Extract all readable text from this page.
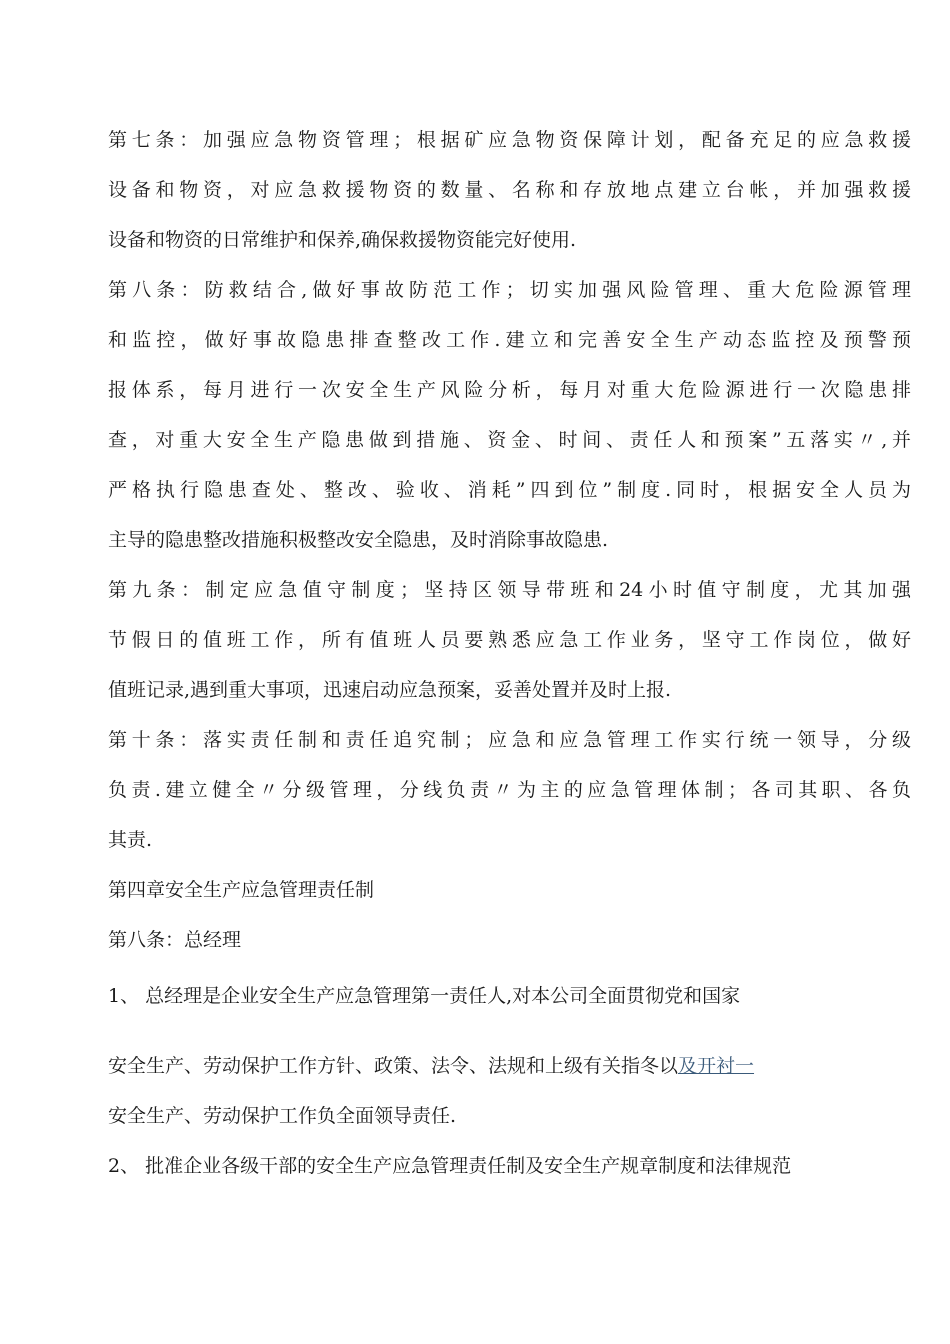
第七条：加强应急物资管理；根据矿应急物资保障计划，配备充足的应急救援
设备和物资，对应急救援物资的数量、名称和存放地点建立台帐，并加强救援
设备和物资的日常维护和保养,确保救援物资能完好使用.
第八条：防救结合,做好事故防范工作；切实加强风险管理、重大危险源管理
和监控，做好事故隐患排查整改工作.建立和完善安全生产动态监控及预警预
报体系，每月进行一次安全生产风险分析，每月对重大危险源进行一次隐患排
查，对重大安全生产隐患做到措施、资金、时间、责任人和预案”五落实〃,并
严格执行隐患查处、整改、验收、消耗”四到位”制度.同时，根据安全人员为
主导的隐患整改措施积极整改安全隐患，及时消除事故隐患.
第九条：制定应急值守制度；坚持区领导带班和24小时值守制度，尤其加强
节假日的值班工作，所有值班人员要熟悉应急工作业务，坚守工作岗位，做好
值班记录,遇到重大事项，迅速启动应急预案，妥善处置并及时上报.
第十条：落实责任制和责任追究制；应急和应急管理工作实行统一领导，分级
负责.建立健全〃分级管理，分线负责〃为主的应急管理体制；各司其职、各负
其责.
第四章安全生产应急管理责任制
第八条：总经理
1、 总经理是企业安全生产应急管理第一责任人,对本公司全面贯彻党和国家
安全生产、劳动保护工作方针、政策、法令、法规和上级有关指冬以及开衬一
安全生产、劳动保护工作负全面领导责任.
2、 批准企业各级干部的安全生产应急管理责任制及安全生产规章制度和法律规范
